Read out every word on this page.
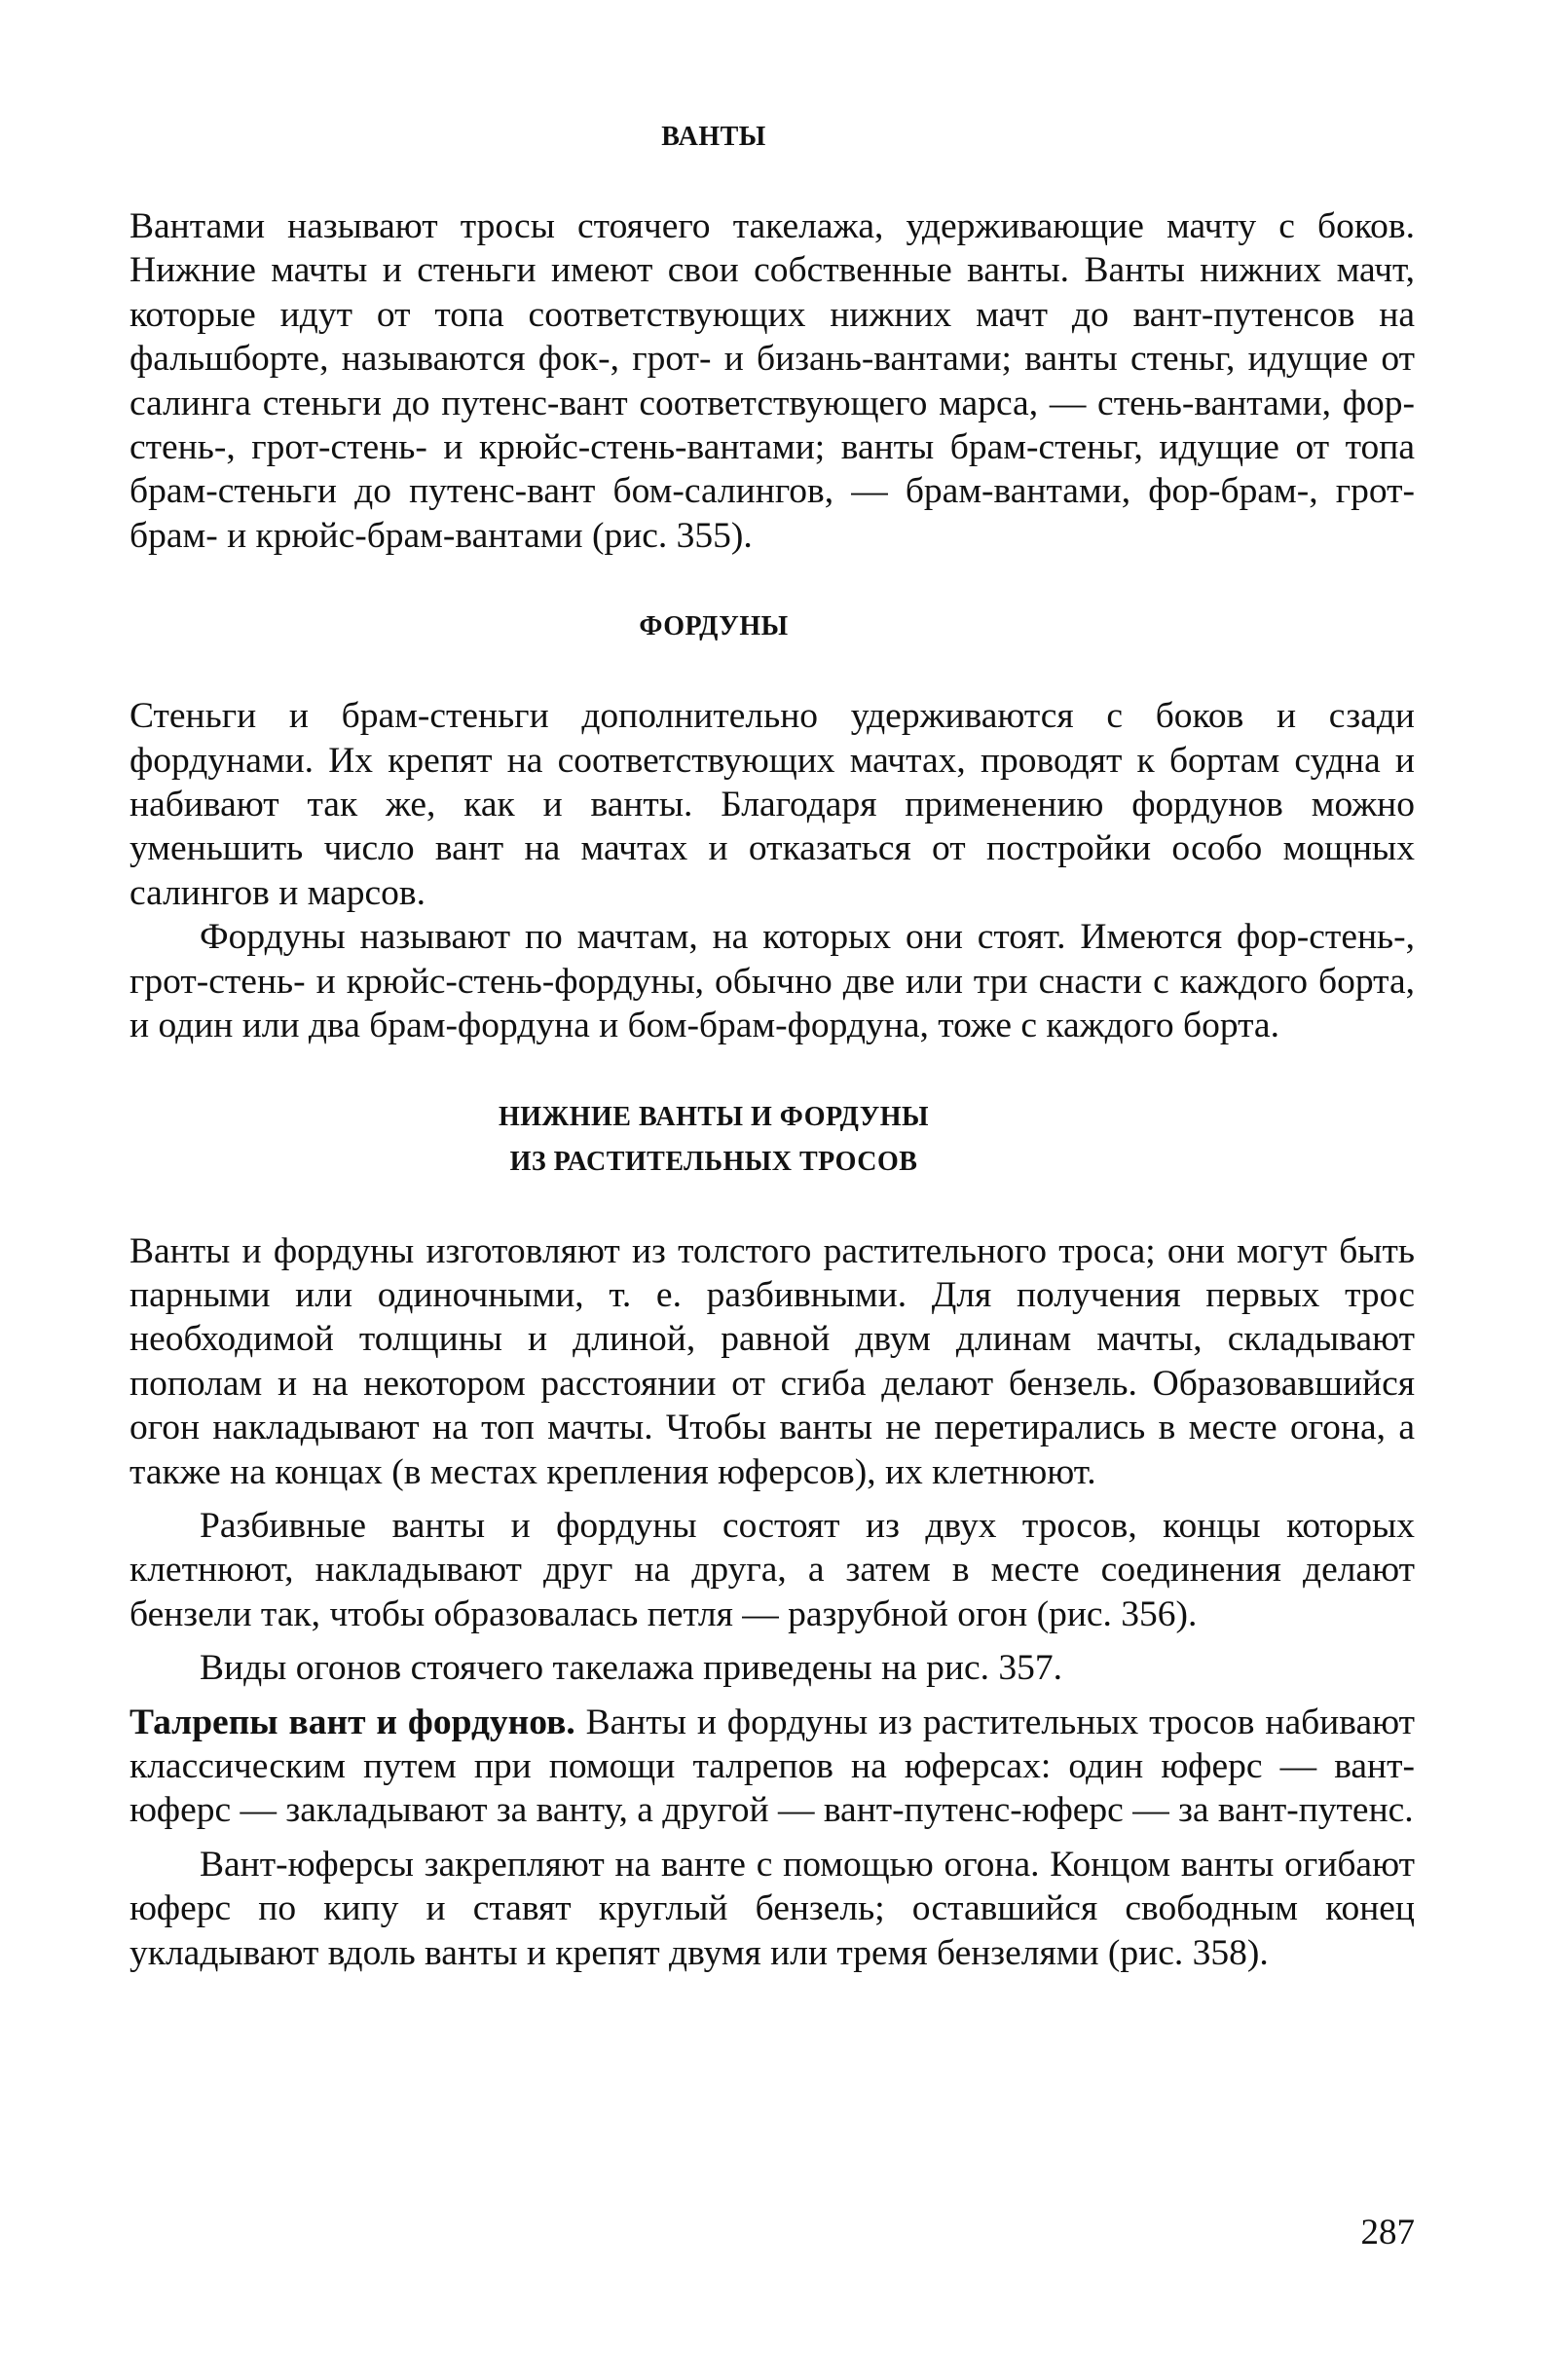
ВАНТЫ

Вантами называют тросы стоячего такелажа, удерживающие мачту с боков. Нижние мачты и стеньги имеют свои собственные ванты. Ванты нижних мачт, которые идут от топа соответствующих нижних мачт до вант-путенсов на фальшборте, называются фок-, грот- и бизань-вантами; ванты стеньг, идущие от салинга стеньги до путенс-вант соответствующего марса, — стень-вантами, фор-стень-, грот-стень- и крюйс-стень-вантами; ванты брам-стеньг, идущие от топа брам-стеньги до путенс-вант бом-салингов, — брам-вантами, фор-брам-, грот-брам- и крюйс-брам-вантами (рис. 355).

ФОРДУНЫ

Стеньги и брам-стеньги дополнительно удерживаются с боков и сзади фордунами. Их крепят на соответствующих мачтах, проводят к бортам судна и набивают так же, как и ванты. Благодаря применению фордунов можно уменьшить число вант на мачтах и отказаться от постройки особо мощных салингов и марсов.

Фордуны называют по мачтам, на которых они стоят. Имеются фор-стень-, грот-стень- и крюйс-стень-фордуны, обычно две или три снасти с каждого борта, и один или два брам-фордуна и бом-брам-фордуна, тоже с каждого борта.

НИЖНИЕ ВАНТЫ И ФОРДУНЫ
ИЗ РАСТИТЕЛЬНЫХ ТРОСОВ

Ванты и фордуны изготовляют из толстого растительного троса; они могут быть парными или одиночными, т. е. разбивными. Для получения первых трос необходимой толщины и длиной, равной двум длинам мачты, складывают пополам и на некотором расстоянии от сгиба делают бензель. Образовавшийся огон накладывают на топ мачты. Чтобы ванты не перетирались в месте огона, а также на концах (в местах крепления юферсов), их клетнюют.

Разбивные ванты и фордуны состоят из двух тросов, концы которых клетнюют, накладывают друг на друга, а затем в месте соединения делают бензели так, чтобы образовалась петля — разрубной огон (рис. 356).

Виды огонов стоячего такелажа приведены на рис. 357.

Талрепы вант и фордунов. Ванты и фордуны из растительных тросов набивают классическим путем при помощи талрепов на юферсах: один юферс — вант-юферс — закладывают за ванту, а другой — вант-путенс-юферс — за вант-путенс.

Вант-юферсы закрепляют на ванте с помощью огона. Концом ванты огибают юферс по кипу и ставят круглый бензель; оставшийся свободным конец укладывают вдоль ванты и крепят двумя или тремя бензелями (рис. 358).

287
